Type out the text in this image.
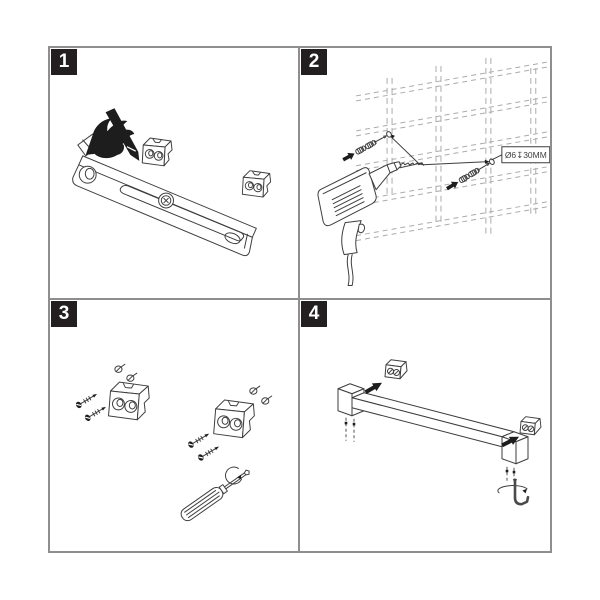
1	2
Ø6↧30MM
3	4
